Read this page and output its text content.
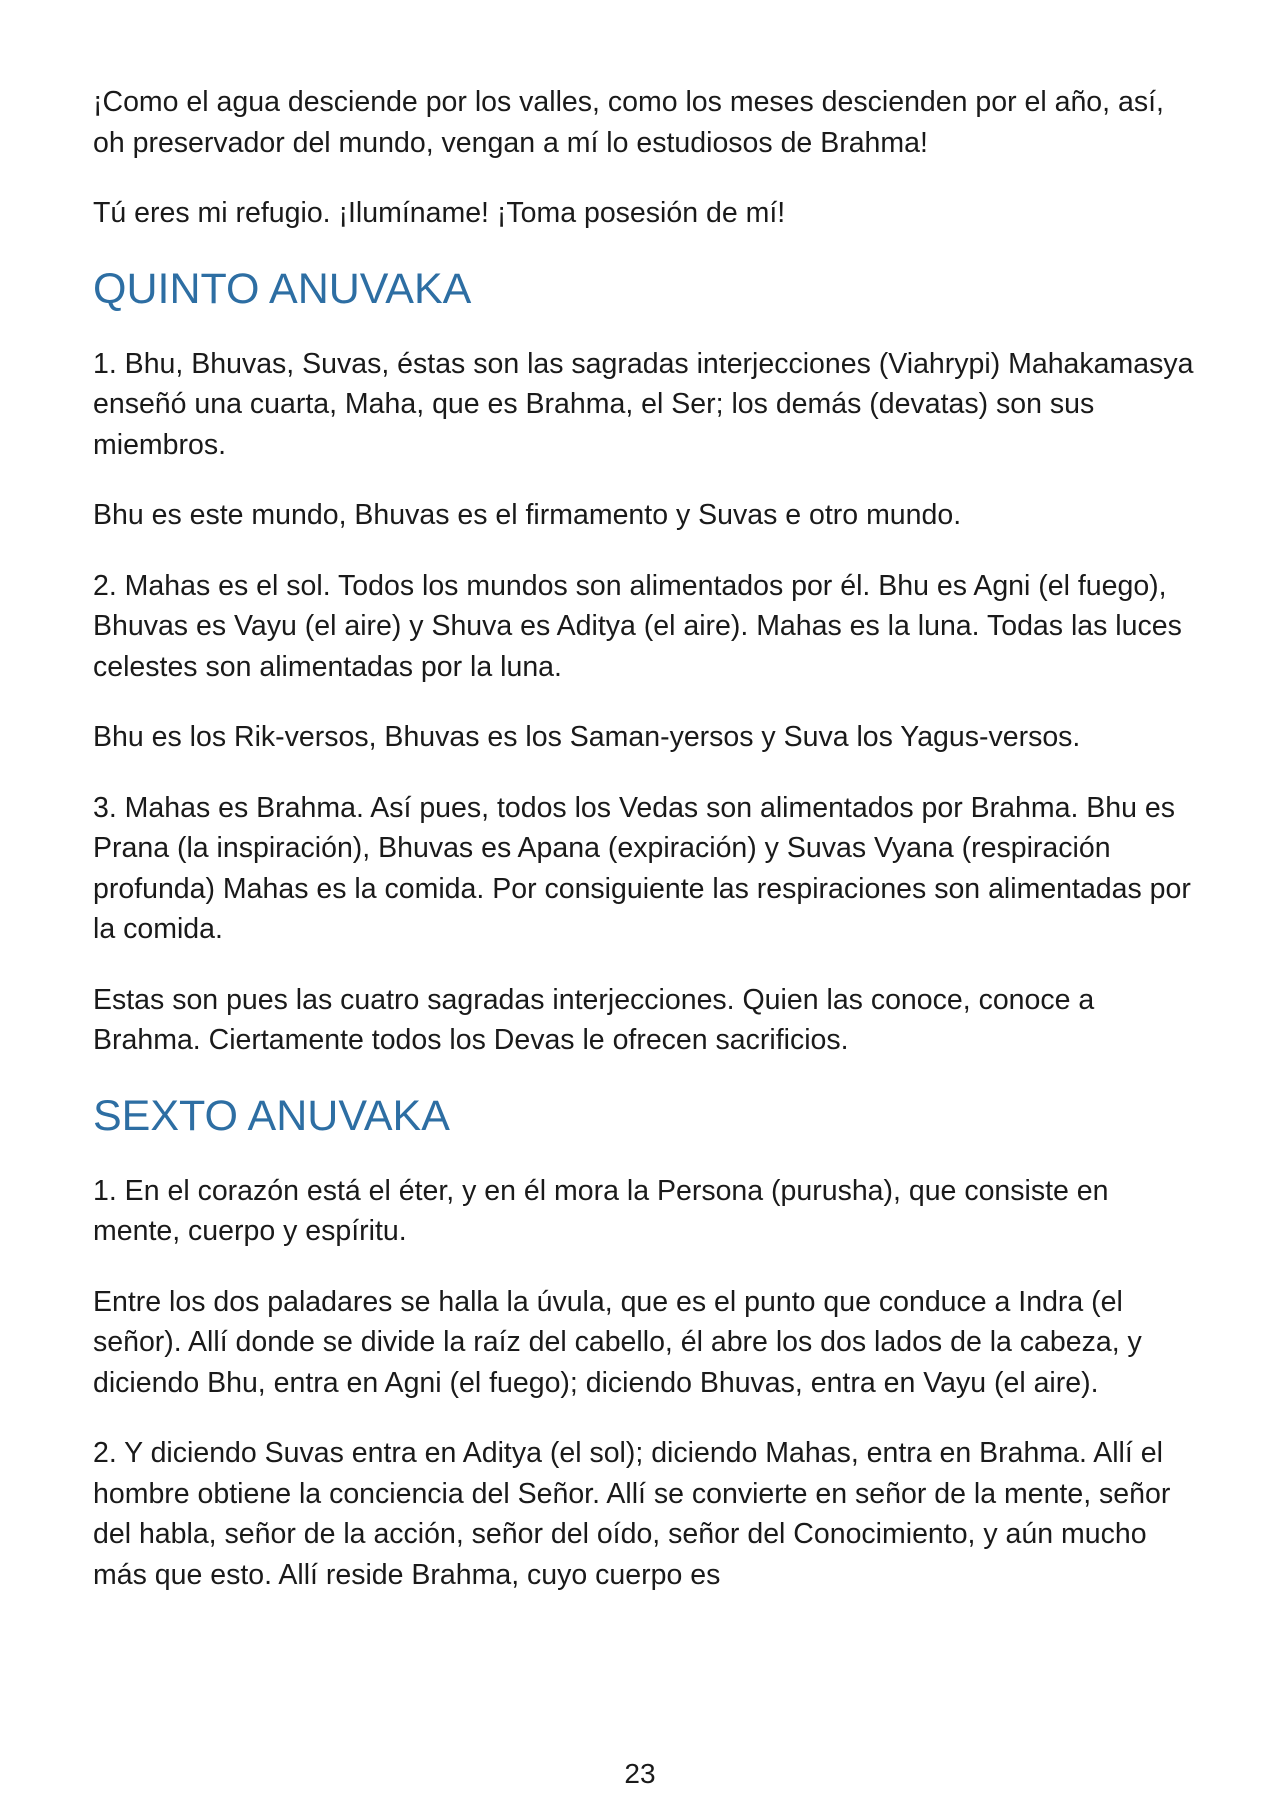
¡Como el agua desciende por los valles, como los meses descienden por el año, así, oh preservador del mundo, vengan a mí lo estudiosos de Brahma!

Tú eres mi refugio. ¡Ilumíname! ¡Toma posesión de mí!

QUINTO ANUVAKA

1. Bhu, Bhuvas, Suvas, éstas son las sagradas interjecciones (Viahrypi) Mahakamasya enseñó una cuarta, Maha, que es Brahma, el Ser; los demás (devatas) son sus miembros.

Bhu es este mundo, Bhuvas es el firmamento y Suvas e otro mundo.

2. Mahas es el sol. Todos los mundos son alimentados por él. Bhu es Agni (el fuego), Bhuvas es Vayu (el aire) y Shuva es Aditya (el aire). Mahas es la luna. Todas las luces celestes son alimentadas por la luna.

Bhu es los Rik-versos, Bhuvas es los Saman-yersos y Suva los Yagus-versos.

3. Mahas es Brahma. Así pues, todos los Vedas son alimentados por Brahma. Bhu es Prana (la inspiración), Bhuvas es Apana (expiración) y Suvas Vyana (respiración profunda) Mahas es la comida. Por consiguiente las respiraciones son alimentadas por la comida.

Estas son pues las cuatro sagradas interjecciones. Quien las conoce, conoce a Brahma. Ciertamente todos los Devas le ofrecen sacrificios.

SEXTO ANUVAKA

1. En el corazón está el éter, y en él mora la Persona (purusha), que consiste en mente, cuerpo y espíritu.

Entre los dos paladares se halla la úvula, que es el punto que conduce a Indra (el señor). Allí donde se divide la raíz del cabello, él abre los dos lados de la cabeza, y diciendo Bhu, entra en Agni (el fuego); diciendo Bhuvas, entra en Vayu (el aire).

2. Y diciendo Suvas entra en Aditya (el sol); diciendo Mahas, entra en Brahma. Allí el hombre obtiene la conciencia del Señor. Allí se convierte en señor de la mente, señor del habla, señor de la acción, señor del oído, señor del Conocimiento, y aún mucho más que esto. Allí reside Brahma, cuyo cuerpo es

23
